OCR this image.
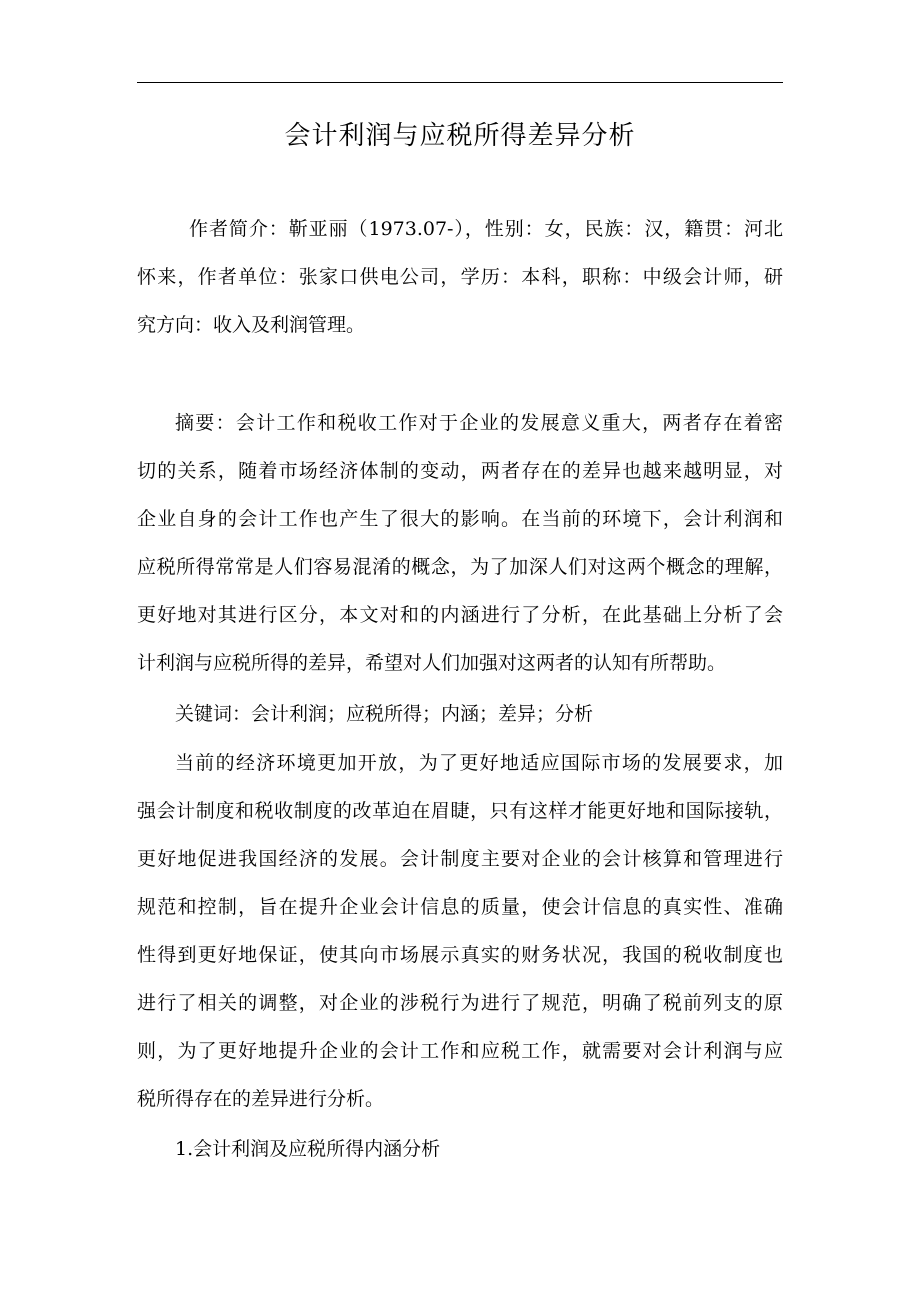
会计利润与应税所得差异分析
作者简介：靳亚丽（1973.07-），性别：女，民族：汉，籍贯：河北
怀来，作者单位：张家口供电公司，学历：本科，职称：中级会计师，研
究方向：收入及利润管理。
摘要：会计工作和税收工作对于企业的发展意义重大，两者存在着密
切的关系，随着市场经济体制的变动，两者存在的差异也越来越明显，对
企业自身的会计工作也产生了很大的影响。在当前的环境下，会计利润和
应税所得常常是人们容易混淆的概念，为了加深人们对这两个概念的理解，
更好地对其进行区分，本文对和的内涵进行了分析，在此基础上分析了会
计利润与应税所得的差异，希望对人们加强对这两者的认知有所帮助。
关键词：会计利润；应税所得；内涵；差异；分析
当前的经济环境更加开放，为了更好地适应国际市场的发展要求，加
强会计制度和税收制度的改革迫在眉睫，只有这样才能更好地和国际接轨，
更好地促进我国经济的发展。会计制度主要对企业的会计核算和管理进行
规范和控制，旨在提升企业会计信息的质量，使会计信息的真实性、准确
性得到更好地保证，使其向市场展示真实的财务状况，我国的税收制度也
进行了相关的调整，对企业的涉税行为进行了规范，明确了税前列支的原
则，为了更好地提升企业的会计工作和应税工作，就需要对会计利润与应
税所得存在的差异进行分析。
1.会计利润及应税所得内涵分析
